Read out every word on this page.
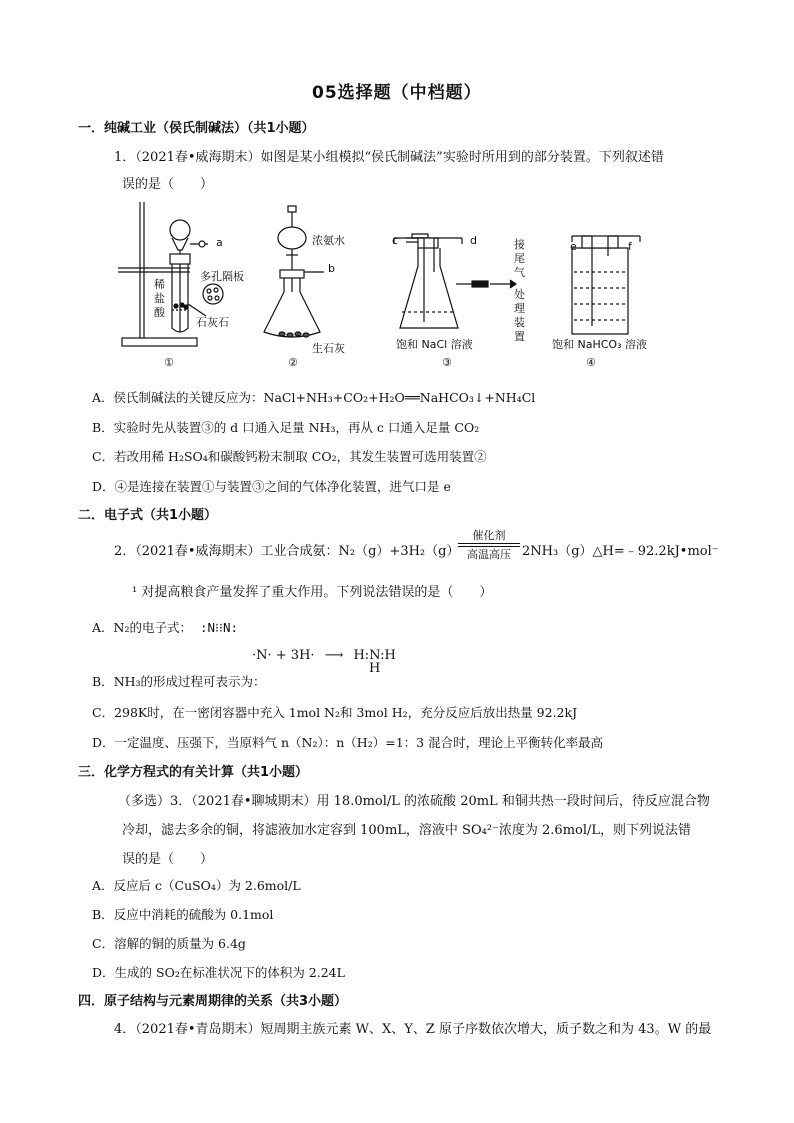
05选择题（中档题）
一．纯碱工业（侯氏制碱法）（共1小题）
1．（2021春•威海期末）如图是某小组模拟“侯氏制碱法”实验时所用到的部分装置。下列叙述错
误的是（　　）
a
多孔隔板
稀
盐
酸
石灰石
①
浓氨水
b
生石灰
②
c	d
饱和 NaCl 溶液
③
接
尾
气
处
理
装
置
e	f
饱和 NaHCO₃ 溶液
④
A．侯氏制碱法的关键反应为：NaCl+NH₃+CO₂+H₂O══NaHCO₃↓+NH₄Cl
B．实验时先从装置③的 d 口通入足量 NH₃，再从 c 口通入足量 CO₂
C．若改用稀 H₂SO₄和碳酸钙粉末制取 CO₂，其发生装置可选用装置②
D．④是连接在装置①与装置③之间的气体净化装置，进气口是 e
二．电子式（共1小题）
2．（2021春•威海期末）工业合成氨：N₂（g）+3H₂（g）
催化剂
高温高压 2NH₃（g）△H=﹣92.2kJ•mol⁻
¹ 对提高粮食产量发挥了重大作用。下列说法错误的是（　　）
A．N₂的电子式： :N⁝⁝N:
·N· + 3H· ⟶ H:N:H
H
B．NH₃的形成过程可表示为：
C．298K时，在一密闭容器中充入 1mol N₂和 3mol H₂，充分反应后放出热量 92.2kJ
D．一定温度、压强下，当原料气 n（N₂）：n（H₂）=1：3 混合时，理论上平衡转化率最高
三．化学方程式的有关计算（共1小题）
（多选）3．（2021春•聊城期末）用 18.0mol/L 的浓硫酸 20mL 和铜共热一段时间后，待反应混合物
冷却，滤去多余的铜，将滤液加水定容到 100mL，溶液中 SO₄²⁻浓度为 2.6mol/L，则下列说法错
误的是（　　）
A．反应后 c（CuSO₄）为 2.6mol/L
B．反应中消耗的硫酸为 0.1mol
C．溶解的铜的质量为 6.4g
D．生成的 SO₂在标准状况下的体积为 2.24L
四．原子结构与元素周期律的关系（共3小题）
4．（2021春•青岛期末）短周期主族元素 W、X、Y、Z 原子序数依次增大，质子数之和为 43。W 的最
